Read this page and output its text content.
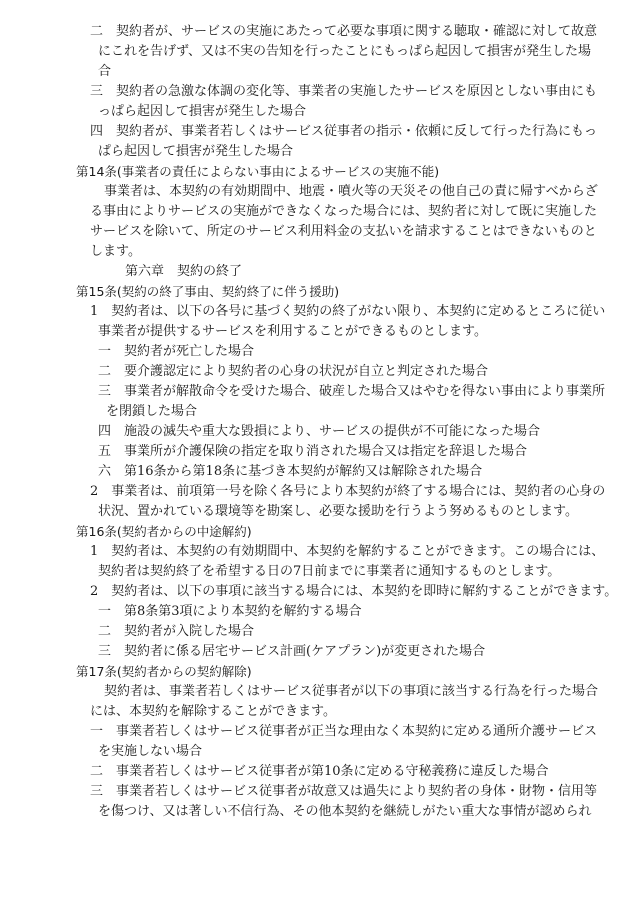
二　契約者が、サービスの実施にあたって必要な事項に関する聴取・確認に対して故意
にこれを告げず、又は不実の告知を行ったことにもっぱら起因して損害が発生した場
合
三　契約者の急激な体調の変化等、事業者の実施したサービスを原因としない事由にも
っぱら起因して損害が発生した場合
四　契約者が、事業者若しくはサービス従事者の指示・依頼に反して行った行為にもっ
ぱら起因して損害が発生した場合
第14条(事業者の責任によらない事由によるサービスの実施不能)
事業者は、本契約の有効期間中、地震・噴火等の天災その他自己の責に帰すべからざ
る事由によりサービスの実施ができなくなった場合には、契約者に対して既に実施した
サービスを除いて、所定のサービス利用料金の支払いを請求することはできないものと
します。
第六章　契約の終了
第15条(契約の終了事由、契約終了に伴う援助)
1　契約者は、以下の各号に基づく契約の終了がない限り、本契約に定めるところに従い
事業者が提供するサービスを利用することができるものとします。
一　契約者が死亡した場合
二　要介護認定により契約者の心身の状況が自立と判定された場合
三　事業者が解散命令を受けた場合、破産した場合又はやむを得ない事由により事業所
を閉鎖した場合
四　施設の滅失や重大な毀損により、サービスの提供が不可能になった場合
五　事業所が介護保険の指定を取り消された場合又は指定を辞退した場合
六　第16条から第18条に基づき本契約が解約又は解除された場合
2　事業者は、前項第一号を除く各号により本契約が終了する場合には、契約者の心身の
状況、置かれている環境等を勘案し、必要な援助を行うよう努めるものとします。
第16条(契約者からの中途解約)
1　契約者は、本契約の有効期間中、本契約を解約することができます。この場合には、
契約者は契約終了を希望する日の7日前までに事業者に通知するものとします。
2　契約者は、以下の事項に該当する場合には、本契約を即時に解約することができます。
一　第8条第3項により本契約を解約する場合
二　契約者が入院した場合
三　契約者に係る居宅サービス計画(ケアプラン)が変更された場合
第17条(契約者からの契約解除)
契約者は、事業者若しくはサービス従事者が以下の事項に該当する行為を行った場合
には、本契約を解除することができます。
一　事業者若しくはサービス従事者が正当な理由なく本契約に定める通所介護サービス
を実施しない場合
二　事業者若しくはサービス従事者が第10条に定める守秘義務に違反した場合
三　事業者若しくはサービス従事者が故意又は過失により契約者の身体・財物・信用等
を傷つけ、又は著しい不信行為、その他本契約を継続しがたい重大な事情が認められ
